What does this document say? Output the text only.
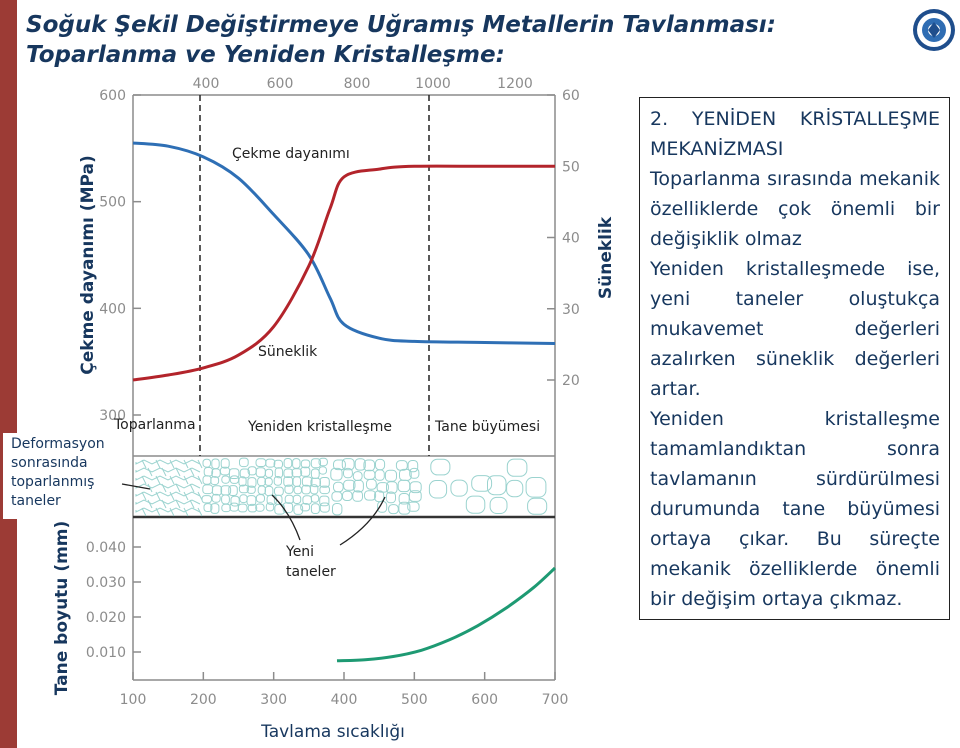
Soğuk Şekil Değiştirmeye Uğramış Metallerin Tavlanması:
Toparlanma ve Yeniden Kristalleşme:
400	600	800	1000	1200
300
400
500
600
20
30
40
50
60
0.010
0.020
0.030
0.040
100	200	300	400	500	600	700
Çekme dayanımı
Süneklik
Toparlanma	Yeniden kristalleşme	Tane büyümesi
Çekme dayanımı (MPa)	Süneklik
Tane boyutu (mm)
Tavlama sıcaklığı
Yeni
taneler
Deformasyon sonrasında toparlanmış taneler

2. YENİDEN KRİSTALLEŞME MEKANİZMASI

Toparlanma sırasında mekanik özelliklerde çok önemli bir değişiklik olmaz

Yeniden kristalleşmede ise, yeni taneler oluştukça mukavemet değerleri azalırken süneklik değerleri artar.

Yeniden kristalleşme tamamlandıktan sonra tavlamanın sürdürülmesi durumunda tane büyümesi ortaya çıkar. Bu süreçte mekanik özelliklerde önemli bir değişim ortaya çıkmaz.
